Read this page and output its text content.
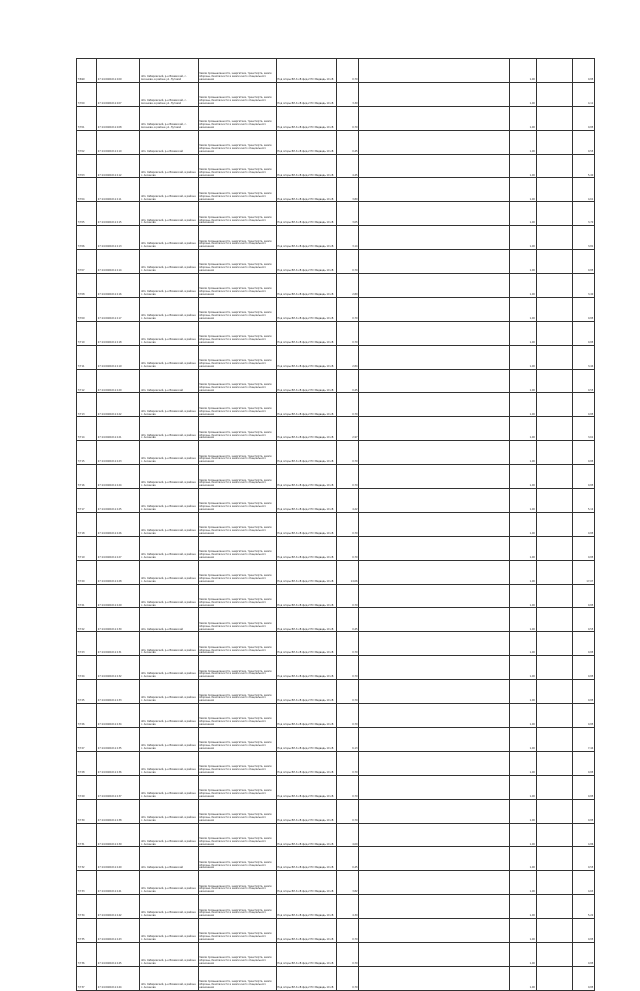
7/699	27:14:0401011:109	обл. Хабаровский, р-н Вяземский, с. Аксенова, в районе ул. Луговой	Земли промышленности, энергетики, транспорта, земли обороны, безопасности и земли иного специального назначения	Под опоры ВЛ-6 кВ фид.2 ПС Медведь 10 кВ	0,70		1,00		0,85
7/700	27:14:0401011:107	обл. Хабаровский, р-н Вяземский, с. Аксенова, в районе ул. Луговой	Земли промышленности, энергетики, транспорта, земли обороны, безопасности и земли иного специального назначения	Под опоры ВЛ-6 кВ фид.2 ПС Медведь 10 кВ	3,39		1,00		4,11
7/701	27:14:0401011:108	обл. Хабаровский, р-н Вяземский, с. Аксенова, в районе ул. Луговой	Земли промышленности, энергетики, транспорта, земли обороны, безопасности и земли иного специального назначения	Под опоры ВЛ-6 кВ фид.2 ПС Медведь 10 кВ	0,70		1,00		0,85
7/702	27:14:0401011:110	обл. Хабаровский, р-н Вяземский	Земли промышленности, энергетики, транспорта, земли обороны, безопасности и земли иного специального назначения	Под опоры ВЛ-6 кВ фид.2 ПС Медведь 10 кВ	0,45		1,00		0,55
7/703	27:14:0401011:112	обл. Хабаровский, р-н Вяземский, в районе с. Аксенова	Земли промышленности, энергетики, транспорта, земли обороны, безопасности и земли иного специального назначения	Под опоры ВЛ-6 кВ фид.2 ПС Медведь 10 кВ	4,45		1,00		5,40
7/704	27:14:0401011:111	обл. Хабаровский, р-н Вяземский, в районе с. Аксенова	Земли промышленности, энергетики, транспорта, земли обороны, безопасности и земли иного специального назначения	Под опоры ВЛ-6 кВ фид.2 ПС Медведь 10 кВ	3,80		1,00		4,61
7/705	27:14:0401011:115	обл. Хабаровский, р-н Вяземский, в районе с. Аксенова	Земли промышленности, энергетики, транспорта, земли обороны, безопасности и земли иного специального назначения	Под опоры ВЛ-6 кВ фид.2 ПС Медведь 10 кВ	3,05		1,00		3,70
7/706	27:14:0401011:113	обл. Хабаровский, р-н Вяземский, в районе с. Аксенова	Земли промышленности, энергетики, транспорта, земли обороны, безопасности и земли иного специального назначения	Под опоры ВЛ-6 кВ фид.2 ПС Медведь 10 кВ	3,14		1,00		3,81
7/707	27:14:0401011:114	обл. Хабаровский, р-н Вяземский, в районе с. Аксенова	Земли промышленности, энергетики, транспорта, земли обороны, безопасности и земли иного специального назначения	Под опоры ВЛ-6 кВ фид.2 ПС Медведь 10 кВ	0,70		1,00		0,85
7/708	27:14:0401011:116	обл. Хабаровский, р-н Вяземский, в районе с. Аксенова	Земли промышленности, энергетики, транспорта, земли обороны, безопасности и земли иного специального назначения	Под опоры ВЛ-6 кВ фид.2 ПС Медведь 10 кВ	2,80		1,00		3,40
7/709	27:14:0401011:117	обл. Хабаровский, р-н Вяземский, в районе с. Аксенова	Земли промышленности, энергетики, транспорта, земли обороны, безопасности и земли иного специального назначения	Под опоры ВЛ-6 кВ фид.2 ПС Медведь 10 кВ	0,70		1,00		0,85
7/710	27:14:0401011:118	обл. Хабаровский, р-н Вяземский, в районе с. Аксенова	Земли промышленности, энергетики, транспорта, земли обороны, безопасности и земли иного специального назначения	Под опоры ВЛ-6 кВ фид.2 ПС Медведь 10 кВ	0,70		1,00		0,85
7/711	27:14:0401011:119	обл. Хабаровский, р-н Вяземский, в районе с. Аксенова	Земли промышленности, энергетики, транспорта, земли обороны, безопасности и земли иного специального назначения	Под опоры ВЛ-6 кВ фид.2 ПС Медведь 10 кВ	2,84		1,00		3,44
7/712	27:14:0401011:120	обл. Хабаровский, р-н Вяземский	Земли промышленности, энергетики, транспорта, земли обороны, безопасности и земли иного специального назначения	Под опоры ВЛ-6 кВ фид.2 ПС Медведь 10 кВ	0,45		1,00		0,55
7/713	27:14:0401011:122	обл. Хабаровский, р-н Вяземский, в районе с. Аксенова	Земли промышленности, энергетики, транспорта, земли обороны, безопасности и земли иного специального назначения	Под опоры ВЛ-6 кВ фид.2 ПС Медведь 10 кВ	0,70		1,00		0,85
7/714	27:14:0401011:121	обл. Хабаровский, р-н Вяземский, в районе с. Аксенова	Земли промышленности, энергетики, транспорта, земли обороны, безопасности и земли иного специального назначения	Под опоры ВЛ-6 кВ фид.2 ПС Медведь 10 кВ	2,97		1,00		3,61
7/715	27:14:0401011:123	обл. Хабаровский, р-н Вяземский, в районе с. Аксенова	Земли промышленности, энергетики, транспорта, земли обороны, безопасности и земли иного специального назначения	Под опоры ВЛ-6 кВ фид.2 ПС Медведь 10 кВ	0,70		1,00		0,85
7/716	27:14:0401011:124	обл. Хабаровский, р-н Вяземский, в районе с. Аксенова	Земли промышленности, энергетики, транспорта, земли обороны, безопасности и земли иного специального назначения	Под опоры ВЛ-6 кВ фид.2 ПС Медведь 10 кВ	0,70		1,00		0,85
7/717	27:14:0401011:125	обл. Хабаровский, р-н Вяземский, в районе с. Аксенова	Земли промышленности, энергетики, транспорта, земли обороны, безопасности и земли иного специального назначения	Под опоры ВЛ-6 кВ фид.2 ПС Медведь 10 кВ	4,22		1,00		5,12
7/718	27:14:0401011:126	обл. Хабаровский, р-н Вяземский, в районе с. Аксенова	Земли промышленности, энергетики, транспорта, земли обороны, безопасности и земли иного специального назначения	Под опоры ВЛ-6 кВ фид.2 ПС Медведь 10 кВ	0,70		1,00		0,85
7/719	27:14:0401011:127	обл. Хабаровский, р-н Вяземский, в районе с. Аксенова	Земли промышленности, энергетики, транспорта, земли обороны, безопасности и земли иного специального назначения	Под опоры ВЛ-6 кВ фид.2 ПС Медведь 10 кВ	0,70		1,00		0,85
7/720	27:14:0401011:128	обл. Хабаровский, р-н Вяземский, в районе с. Аксенова	Земли промышленности, энергетики, транспорта, земли обороны, безопасности и земли иного специального назначения	Под опоры ВЛ-6 кВ фид.2 ПС Медведь 10 кВ	14,06		1,00		17,07
7/721	27:14:0401011:129	обл. Хабаровский, р-н Вяземский, в районе с. Аксенова	Земли промышленности, энергетики, транспорта, земли обороны, безопасности и земли иного специального назначения	Под опоры ВЛ-6 кВ фид.2 ПС Медведь 10 кВ	0,70		1,00		0,85
7/722	27:14:0401011:130	обл. Хабаровский, р-н Вяземский	Земли промышленности, энергетики, транспорта, земли обороны, безопасности и земли иного специального назначения	Под опоры ВЛ-6 кВ фид.2 ПС Медведь 10 кВ	0,45		1,00		0,55
7/723	27:14:0401011:131	обл. Хабаровский, р-н Вяземский, в районе с. Аксенова	Земли промышленности, энергетики, транспорта, земли обороны, безопасности и земли иного специального назначения	Под опоры ВЛ-6 кВ фид.2 ПС Медведь 10 кВ	0,70		1,00		0,85
7/724	27:14:0401011:132	обл. Хабаровский, р-н Вяземский, в районе с. Аксенова	Земли промышленности, энергетики, транспорта, земли обороны, безопасности и земли иного специального назначения	Под опоры ВЛ-6 кВ фид.2 ПС Медведь 10 кВ	0,70		1,00		0,85
7/725	27:14:0401011:133	обл. Хабаровский, р-н Вяземский, в районе с. Аксенова	Земли промышленности, энергетики, транспорта, земли обороны, безопасности и земли иного специального назначения	Под опоры ВЛ-6 кВ фид.2 ПС Медведь 10 кВ	0,70		1,00		0,85
7/726	27:14:0401011:134	обл. Хабаровский, р-н Вяземский, в районе с. Аксенова	Земли промышленности, энергетики, транспорта, земли обороны, безопасности и земли иного специального назначения	Под опоры ВЛ-6 кВ фид.2 ПС Медведь 10 кВ	0,70		1,00		0,85
7/727	27:14:0401011:135	обл. Хабаровский, р-н Вяземский, в районе с. Аксенова	Земли промышленности, энергетики, транспорта, земли обороны, безопасности и земли иного специального назначения	Под опоры ВЛ-6 кВ фид.2 ПС Медведь 10 кВ	6,13		1,00		7,44
7/728	27:14:0401011:136	обл. Хабаровский, р-н Вяземский, в районе с. Аксенова	Земли промышленности, энергетики, транспорта, земли обороны, безопасности и земли иного специального назначения	Под опоры ВЛ-6 кВ фид.2 ПС Медведь 10 кВ	0,70		1,00		0,85
7/729	27:14:0401011:137	обл. Хабаровский, р-н Вяземский, в районе с. Аксенова	Земли промышленности, энергетики, транспорта, земли обороны, безопасности и земли иного специального назначения	Под опоры ВЛ-6 кВ фид.2 ПС Медведь 10 кВ	0,70		1,00		0,85
7/730	27:14:0401011:138	обл. Хабаровский, р-н Вяземский, в районе с. Аксенова	Земли промышленности, энергетики, транспорта, земли обороны, безопасности и земли иного специального назначения	Под опоры ВЛ-6 кВ фид.2 ПС Медведь 10 кВ	0,70		1,00		0,85
7/731	27:14:0401011:139	обл. Хабаровский, р-н Вяземский, в районе с. Аксенова	Земли промышленности, энергетики, транспорта, земли обороны, безопасности и земли иного специального назначения	Под опоры ВЛ-6 кВ фид.2 ПС Медведь 10 кВ	4,00		1,00		4,86
7/732	27:14:0401011:140	обл. Хабаровский, р-н Вяземский	Земли промышленности, энергетики, транспорта, земли обороны, безопасности и земли иного специального назначения	Под опоры ВЛ-6 кВ фид.2 ПС Медведь 10 кВ	0,45		1,00		0,55
7/733	27:14:0401011:141	обл. Хабаровский, р-н Вяземский, в районе с. Аксенова	Земли промышленности, энергетики, транспорта, земли обороны, безопасности и земли иного специального назначения	Под опоры ВЛ-6 кВ фид.2 ПС Медведь 10 кВ	3,82		1,00		4,63
7/734	27:14:0401011:142	обл. Хабаровский, р-н Вяземский, в районе с. Аксенова	Земли промышленности, энергетики, транспорта, земли обороны, безопасности и земли иного специального назначения	Под опоры ВЛ-6 кВ фид.2 ПС Медведь 10 кВ	4,30		1,00		5,22
7/735	27:14:0401011:143	обл. Хабаровский, р-н Вяземский, в районе с. Аксенова	Земли промышленности, энергетики, транспорта, земли обороны, безопасности и земли иного специального назначения	Под опоры ВЛ-6 кВ фид.2 ПС Медведь 10 кВ	0,70		1,00		0,85
7/736	27:14:0401011:145	обл. Хабаровский, р-н Вяземский, в районе с. Аксенова	Земли промышленности, энергетики, транспорта, земли обороны, безопасности и земли иного специального назначения	Под опоры ВЛ-6 кВ фид.2 ПС Медведь 10 кВ	0,70		1,00		0,85
7/737	27:14:0401011:144	обл. Хабаровский, р-н Вяземский, в районе с. Аксенова	Земли промышленности, энергетики, транспорта, земли обороны, безопасности и земли иного специального назначения	Под опоры ВЛ-6 кВ фид.2 ПС Медведь 10 кВ	0,70		1,00		0,85
